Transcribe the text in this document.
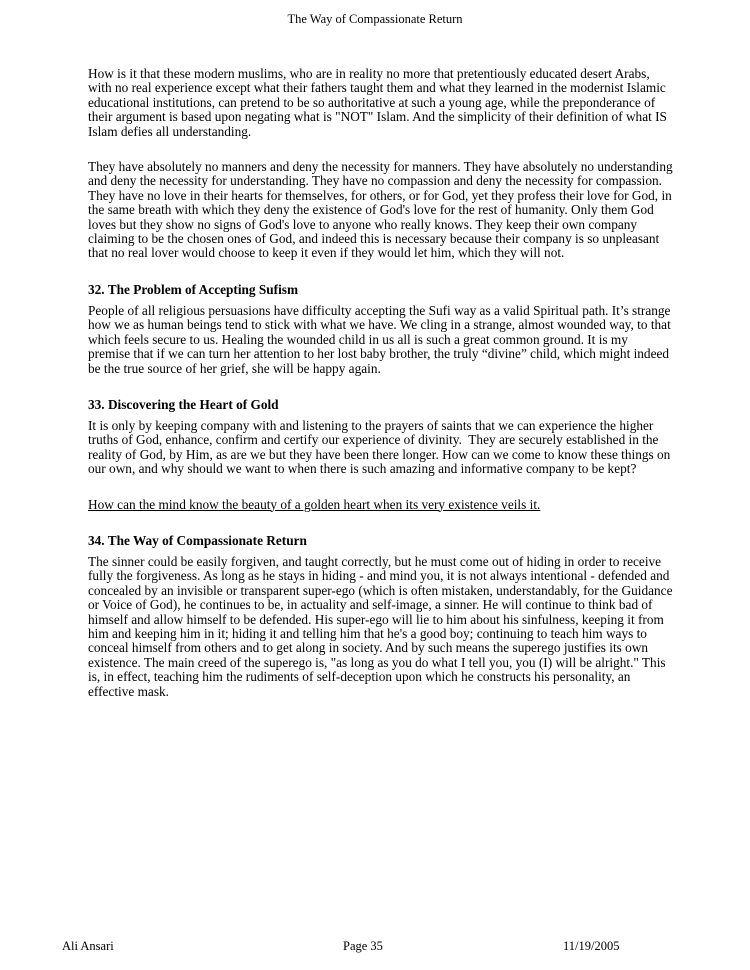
The Way of Compassionate Return

How is it that these modern muslims, who are in reality no more that pretentiously educated desert Arabs, with no real experience except what their fathers taught them and what they learned in the modernist Islamic educational institutions, can pretend to be so authoritative at such a young age, while the preponderance of their argument is based upon negating what is "NOT" Islam. And the simplicity of their definition of what IS Islam defies all understanding.

They have absolutely no manners and deny the necessity for manners. They have absolutely no understanding and deny the necessity for understanding. They have no compassion and deny the necessity for compassion. They have no love in their hearts for themselves, for others, or for God, yet they profess their love for God, in the same breath with which they deny the existence of God's love for the rest of humanity. Only them God loves but they show no signs of God's love to anyone who really knows. They keep their own company claiming to be the chosen ones of God, and indeed this is necessary because their company is so unpleasant that no real lover would choose to keep it even if they would let him, which they will not.

32. The Problem of Accepting Sufism

People of all religious persuasions have difficulty accepting the Sufi way as a valid Spiritual path. It’s strange how we as human beings tend to stick with what we have. We cling in a strange, almost wounded way, to that which feels secure to us. Healing the wounded child in us all is such a great common ground. It is my premise that if we can turn her attention to her lost baby brother, the truly “divine” child, which might indeed be the true source of her grief, she will be happy again.

33. Discovering the Heart of Gold

It is only by keeping company with and listening to the prayers of saints that we can experience the higher truths of God, enhance, confirm and certify our experience of divinity.  They are securely established in the reality of God, by Him, as are we but they have been there longer. How can we come to know these things on our own, and why should we want to when there is such amazing and informative company to be kept?

How can the mind know the beauty of a golden heart when its very existence veils it.

34. The Way of Compassionate Return

The sinner could be easily forgiven, and taught correctly, but he must come out of hiding in order to receive fully the forgiveness. As long as he stays in hiding - and mind you, it is not always intentional - defended and concealed by an invisible or transparent super-ego (which is often mistaken, understandably, for the Guidance or Voice of God), he continues to be, in actuality and self-image, a sinner. He will continue to think bad of himself and allow himself to be defended. His super-ego will lie to him about his sinfulness, keeping it from him and keeping him in it; hiding it and telling him that he's a good boy; continuing to teach him ways to conceal himself from others and to get along in society. And by such means the superego justifies its own existence. The main creed of the superego is, "as long as you do what I tell you, you (I) will be alright." This is, in effect, teaching him the rudiments of self-deception upon which he constructs his personality, an effective mask.

Ali Ansari	Page 35	11/19/2005
